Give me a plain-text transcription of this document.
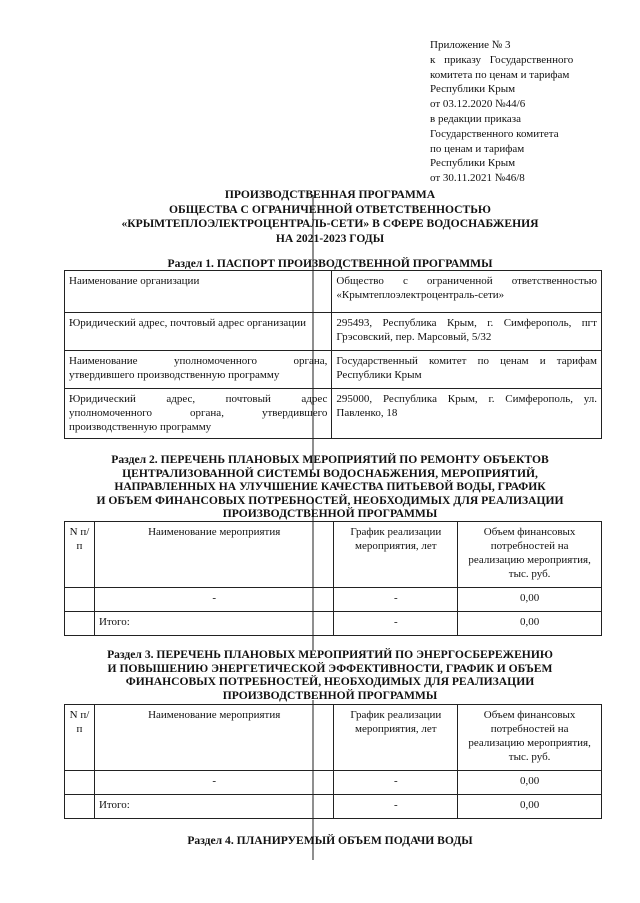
Приложение № 3
к приказу Государственного
комитета по ценам и тарифам
Республики Крым
от 03.12.2020 №44/6
в редакции приказа
Государственного комитета
по ценам и тарифам
Республики Крым
от 30.11.2021 №46/8
ПРОИЗВОДСТВЕННАЯ ПРОГРАММА
ОБЩЕСТВА С ОГРАНИЧЕННОЙ ОТВЕТСТВЕННОСТЬЮ
«КРЫМТЕПЛОЭЛЕКТРОЦЕНТРАЛЬ-СЕТИ» В СФЕРЕ ВОДОСНАБЖЕНИЯ
НА 2021-2023 ГОДЫ
Раздел 1. ПАСПОРТ ПРОИЗВОДСТВЕННОЙ ПРОГРАММЫ
Наименование организации	Общество с ограниченной ответственностью «Крымтеплоэлектроцентраль-сети»
Юридический адрес, почтовый адрес организации	295493, Республика Крым, г. Симферополь, пгт Грэсовский, пер. Марсовый, 5/32
Наименование уполномоченного органа, утвердившего производственную программу	Государственный комитет по ценам и тарифам Республики Крым
Юридический адрес, почтовый адрес уполномоченного органа, утвердившего производственную программу	295000, Республика Крым, г. Симферополь, ул. Павленко, 18
Раздел 2. ПЕРЕЧЕНЬ ПЛАНОВЫХ МЕРОПРИЯТИЙ ПО РЕМОНТУ ОБЪЕКТОВ
ЦЕНТРАЛИЗОВАННОЙ СИСТЕМЫ ВОДОСНАБЖЕНИЯ, МЕРОПРИЯТИЙ,
НАПРАВЛЕННЫХ НА УЛУЧШЕНИЕ КАЧЕСТВА ПИТЬЕВОЙ ВОДЫ, ГРАФИК
И ОБЪЕМ ФИНАНСОВЫХ ПОТРЕБНОСТЕЙ, НЕОБХОДИМЫХ ДЛЯ РЕАЛИЗАЦИИ
ПРОИЗВОДСТВЕННОЙ ПРОГРАММЫ
N п/п	Наименование мероприятия	График реализации мероприятия, лет	Объем финансовых потребностей на реализацию мероприятия, тыс. руб.
	-	-	0,00
	Итого:	-	0,00
Раздел 3. ПЕРЕЧЕНЬ ПЛАНОВЫХ МЕРОПРИЯТИЙ ПО ЭНЕРГОСБЕРЕЖЕНИЮ
И ПОВЫШЕНИЮ ЭНЕРГЕТИЧЕСКОЙ ЭФФЕКТИВНОСТИ, ГРАФИК И ОБЪЕМ
ФИНАНСОВЫХ ПОТРЕБНОСТЕЙ, НЕОБХОДИМЫХ ДЛЯ РЕАЛИЗАЦИИ
ПРОИЗВОДСТВЕННОЙ ПРОГРАММЫ
N п/п	Наименование мероприятия	График реализации мероприятия, лет	Объем финансовых потребностей на реализацию мероприятия, тыс. руб.
	-	-	0,00
	Итого:	-	0,00
Раздел 4. ПЛАНИРУЕМЫЙ ОБЪЕМ ПОДАЧИ ВОДЫ
